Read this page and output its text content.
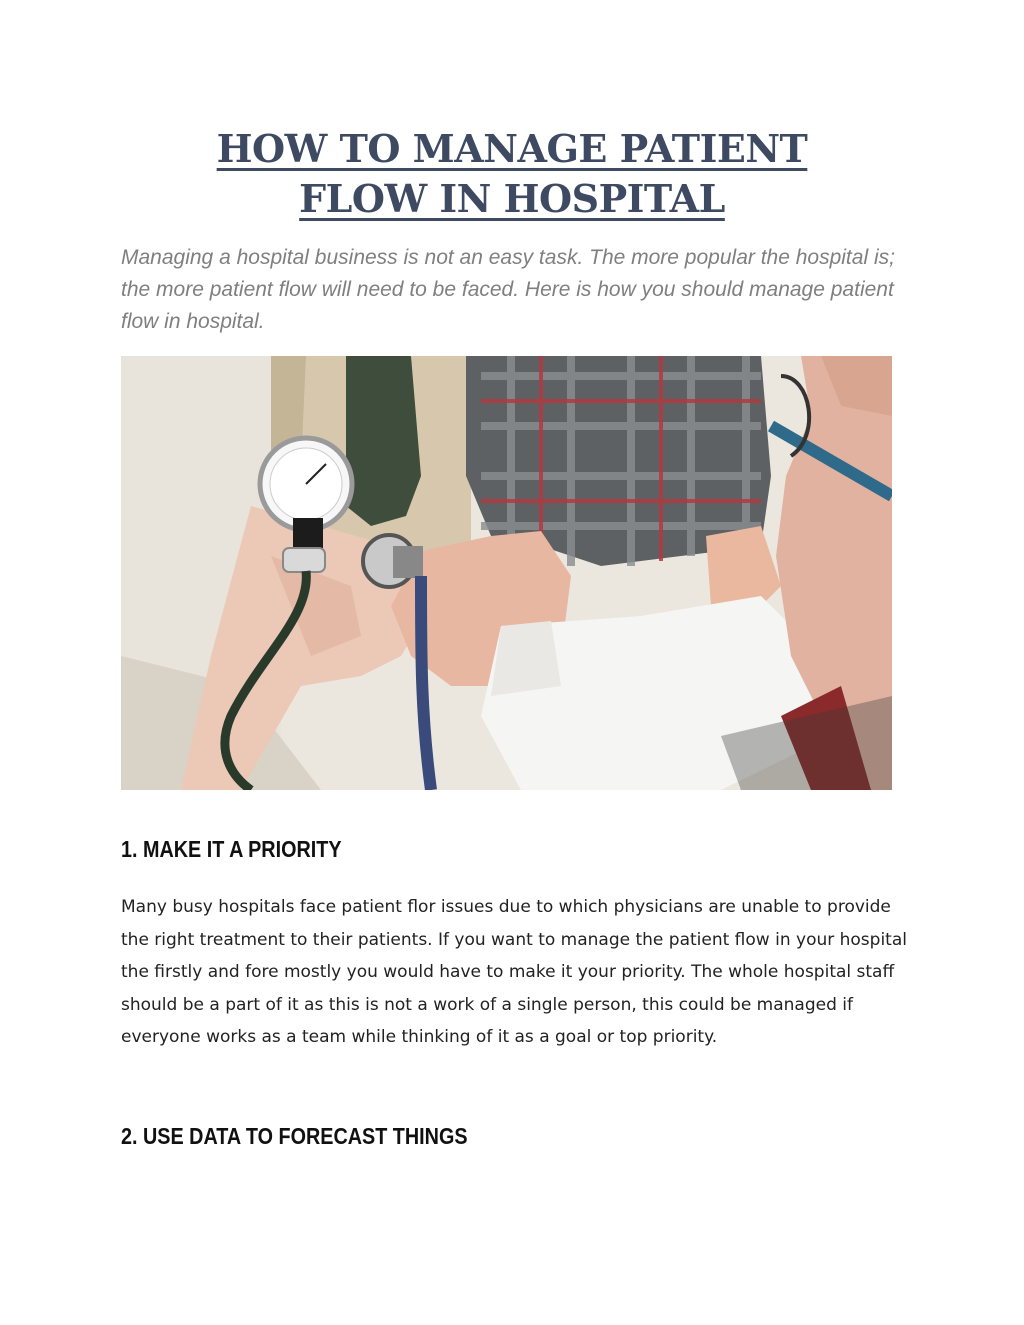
HOW TO MANAGE PATIENT
FLOW IN HOSPITAL

Managing a hospital business is not an easy task. The more popular the hospital is; the more patient flow will need to be faced. Here is how you should manage patient flow in hospital.

1. MAKE IT A PRIORITY

Many busy hospitals face patient flor issues due to which physicians are unable to provide the right treatment to their patients. If you want to manage the patient flow in your hospital the firstly and fore mostly you would have to make it your priority. The whole hospital staff should be a part of it as this is not a work of a single person, this could be managed if everyone works as a team while thinking of it as a goal or top priority.

2. USE DATA TO FORECAST THINGS
